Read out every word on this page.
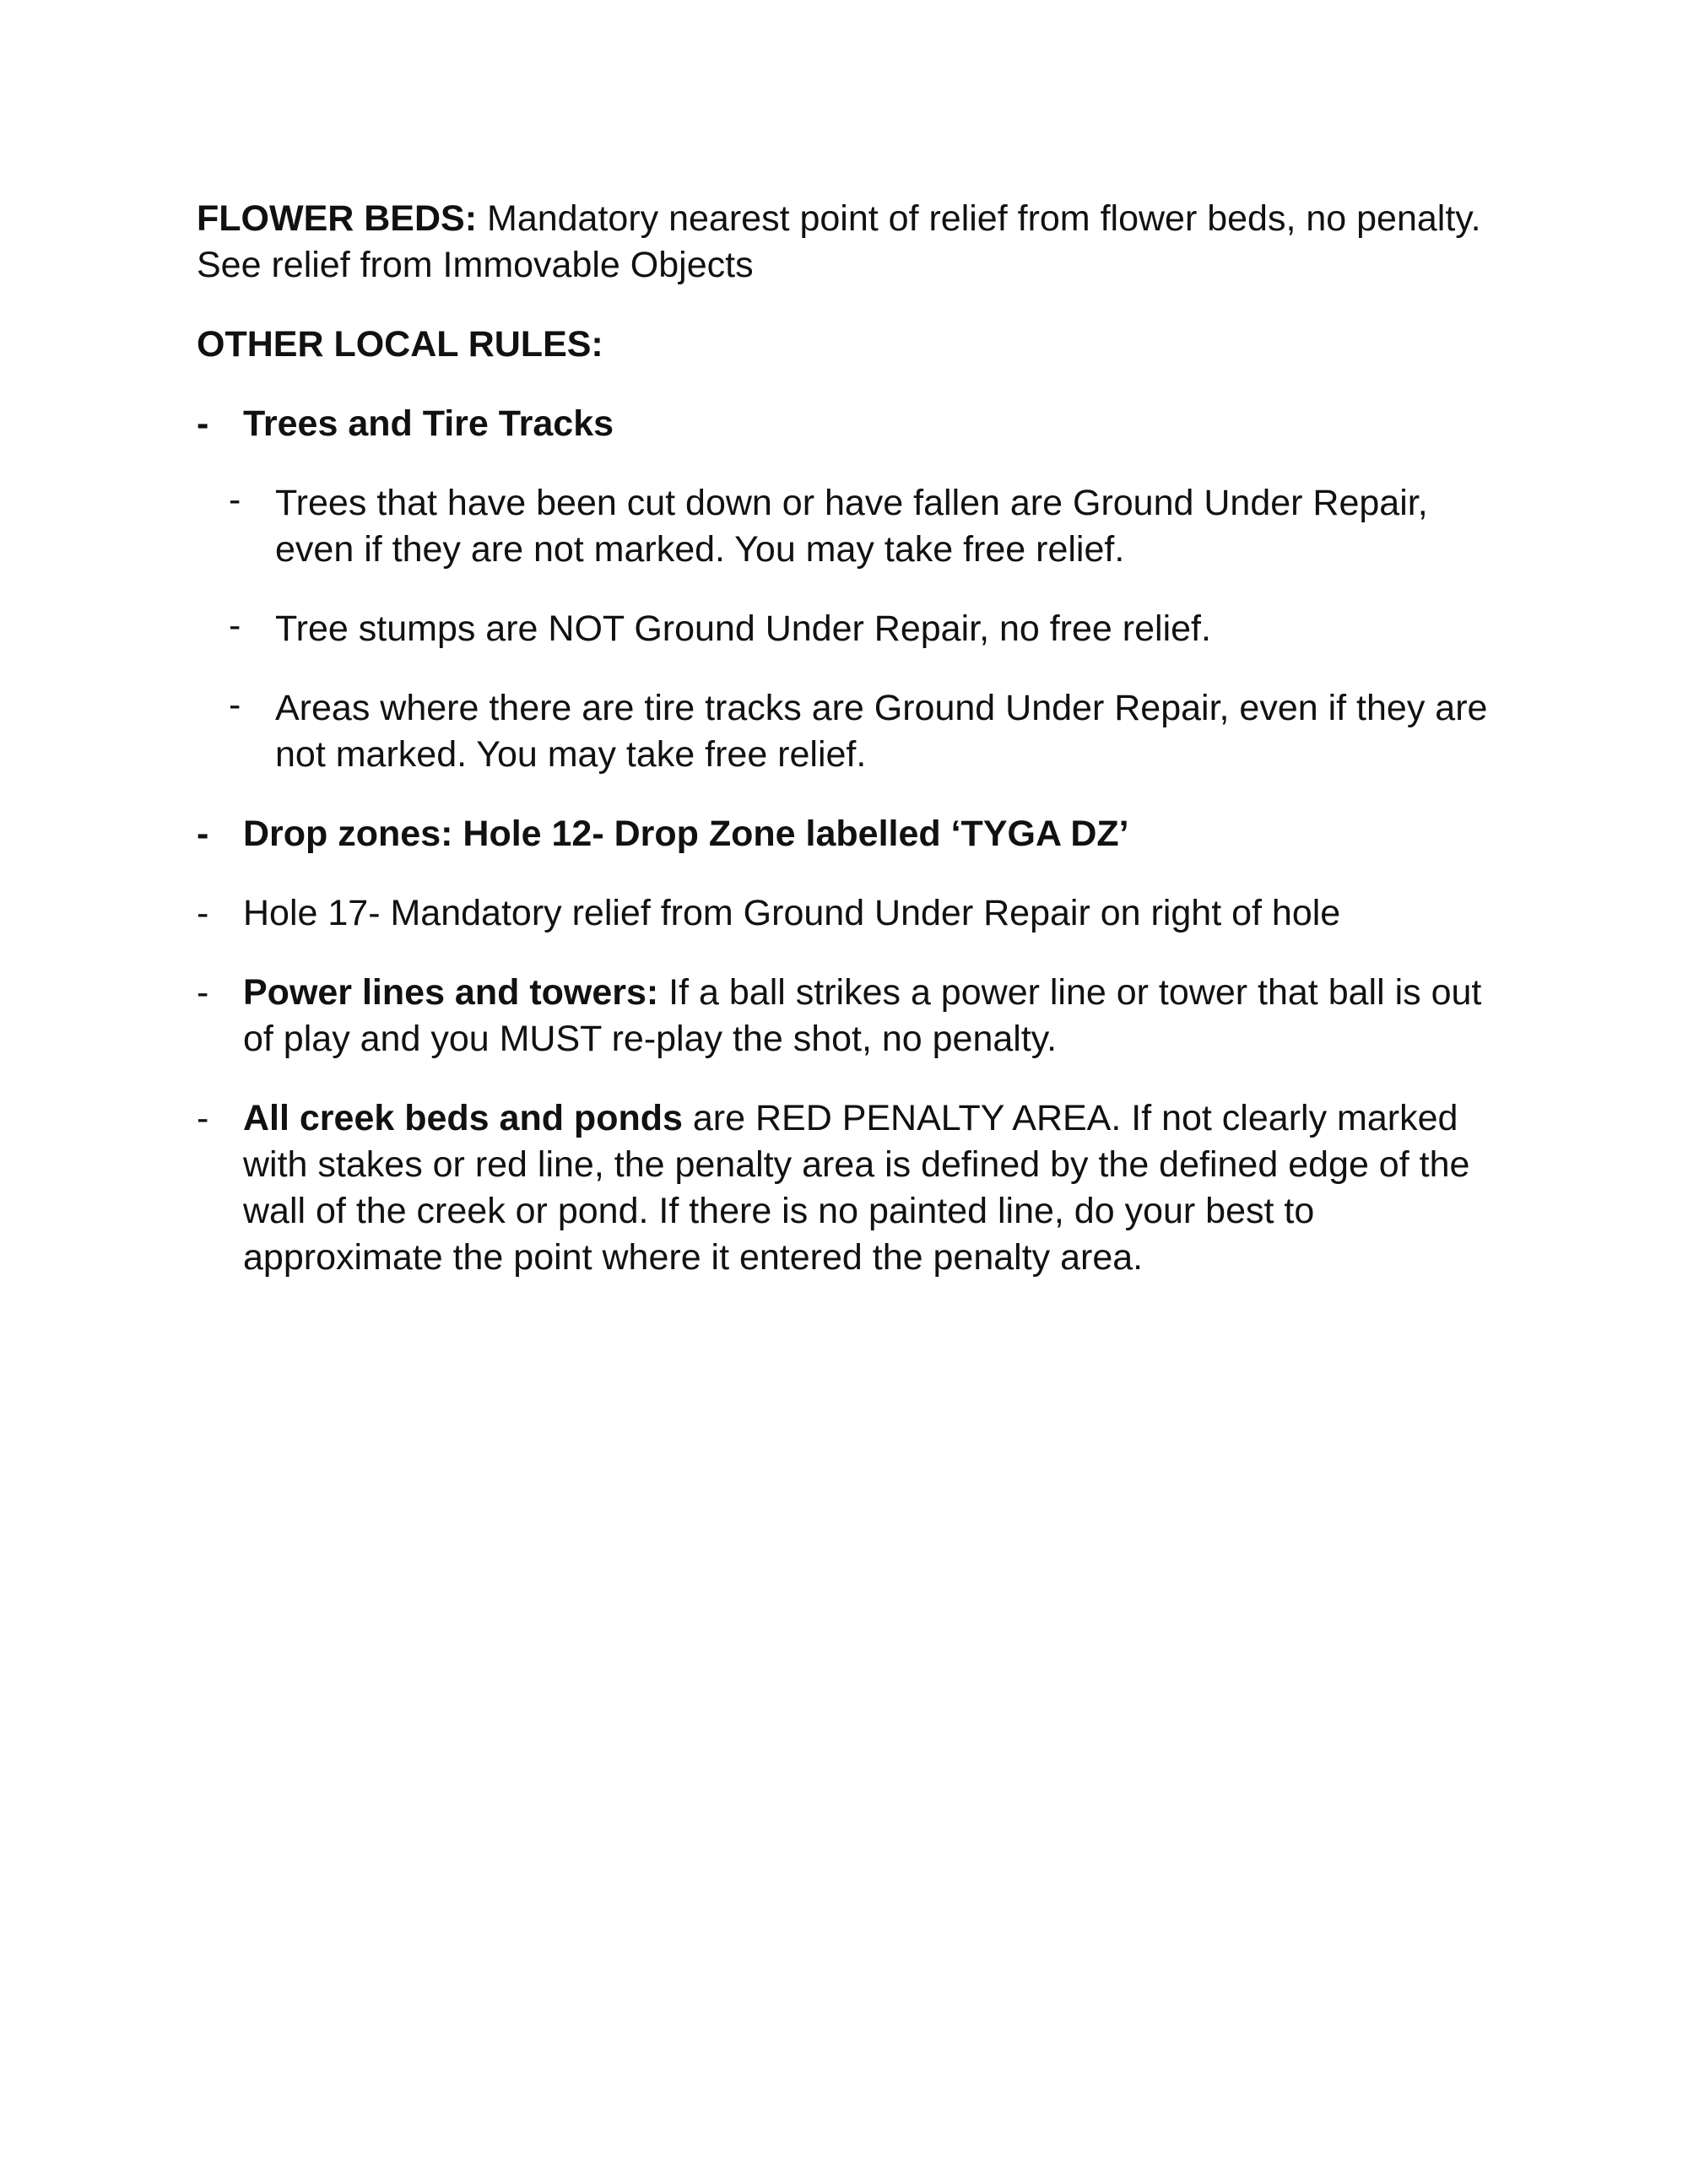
FLOWER BEDS: Mandatory nearest point of relief from flower beds, no penalty. See relief from Immovable Objects

OTHER LOCAL RULES:

- Trees and Tire Tracks
- Trees that have been cut down or have fallen are Ground Under Repair, even if they are not marked. You may take free relief.
- Tree stumps are NOT Ground Under Repair, no free relief.
- Areas where there are tire tracks are Ground Under Repair, even if they are not marked. You may take free relief.
- Drop zones: Hole 12- Drop Zone labelled ‘TYGA DZ’
- Hole 17- Mandatory relief from Ground Under Repair on right of hole
- Power lines and towers: If a ball strikes a power line or tower that ball is out of play and you MUST re-play the shot, no penalty.
- All creek beds and ponds are RED PENALTY AREA. If not clearly marked with stakes or red line, the penalty area is defined by the defined edge of the wall of the creek or pond. If there is no painted line, do your best to approximate the point where it entered the penalty area.
